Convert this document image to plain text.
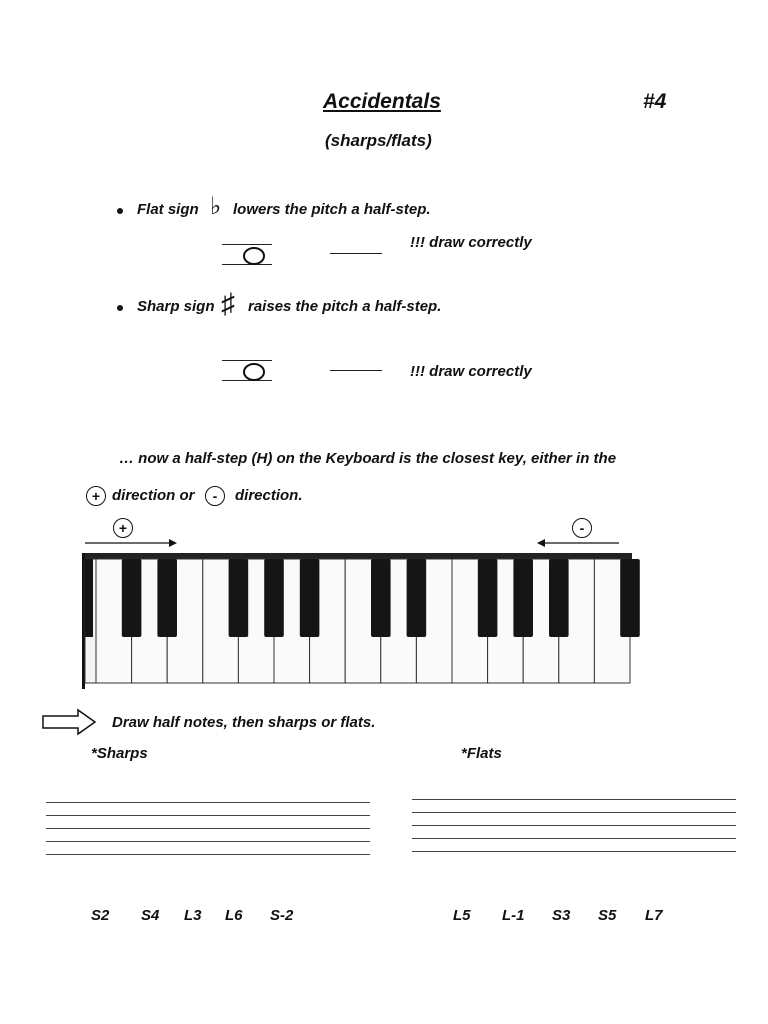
Accidentals	#4
(sharps/flats)
Flat sign ♭ lowers the pitch a half-step.
!!! draw correctly
Sharp sign ♯ raises the pitch a half-step.
!!! draw correctly
… now a half-step (H) on the Keyboard is the closest key, either in the
+ direction or	-	direction.
+	-
Draw half notes, then sharps or flats.
*Sharps	*Flats
S2 S4 L3 L6 S-2	L5 L-1 S3 S5 L7
